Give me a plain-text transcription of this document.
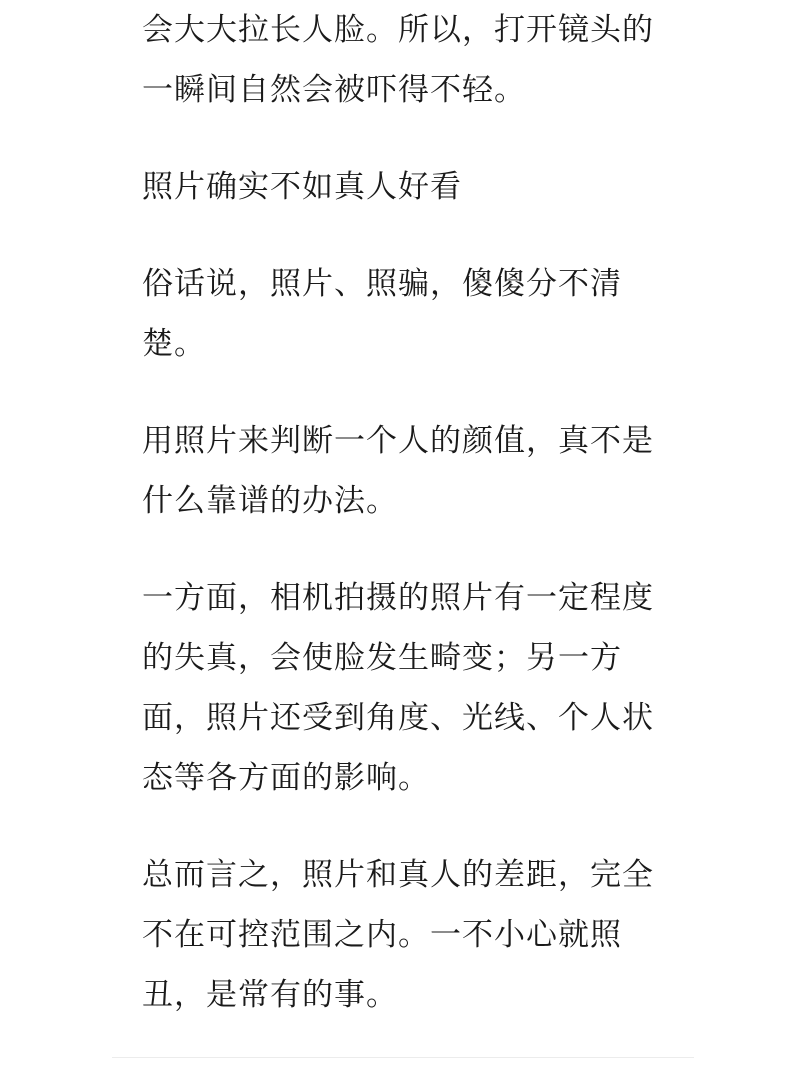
会大大拉长人脸。所以，打开镜头的一瞬间自然会被吓得不轻。

照片确实不如真人好看

俗话说，照片、照骗，傻傻分不清楚。

用照片来判断一个人的颜值，真不是什么靠谱的办法。

一方面，相机拍摄的照片有一定程度的失真，会使脸发生畸变；另一方面，照片还受到角度、光线、个人状态等各方面的影响。

总而言之，照片和真人的差距，完全不在可控范围之内。一不小心就照丑，是常有的事。
